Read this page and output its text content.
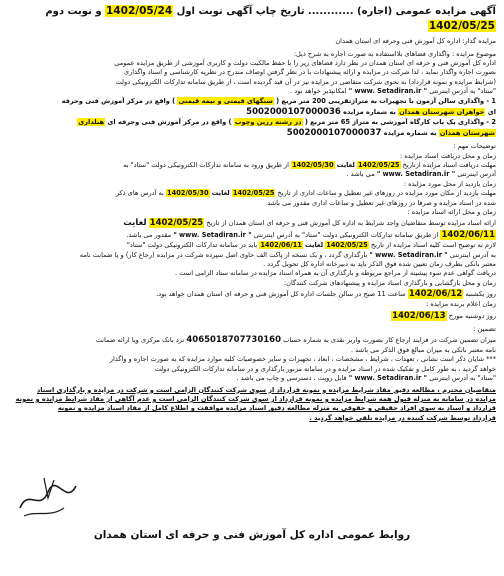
آگهی مزایده عمومی (اجاره) ............ تاریخ چاپ آگهی نوبت اول 1402/05/24 و نوبت دوم 1402/05/25

مزایده گذار: اداره کل آموزش فنی وحرفه ای استان همدان

موضوع مزایده : واگذاری فضاهای بلااستفاده به صورت اجاره به شرح ذیل:

اداره کل آموزش فنی و حرفه ای استان همدان در نظر دارد فضاهای زیر را با حفظ مالکیت دولت و کاربری آموزشی از طریق مزایده عمومی

بصورت اجاره واگذار نماید ، لذا شرکت در مزایده و ارائه پیشنهادات با در نظر گرفتن اوصاف مندرج در نظریه کارشناسی و اسناد واگذاری

(شرایط مزایده و نمونه قرارداد) به نحوی شرکت متقاضی در مزایده نیز در آن قید گردیده است ، از طریق سامانه تدارکات الکترونیکی دولت

"ستاد" به آدرس اینترنتی " www. Setadiran.ir " امکانپذیر خواهد بود .

1 - واگذاری سالن آزمون با تجهیزات به متراژتقریبی 200 متر مربع ( سنگهای قیمتی و نیمه قیمتی ) واقع در مرکز آموزش فنی وحرفه

ای خواهران شهرستان همدان به شماره مزایده 5002000107000036

2 - واگذاری یک باب کارگاه آموزشی به متراژ 65 متر مربع ( در رشته رزین وچوب ) واقع در مرکز آموزش فنی وحرفه ای هنلداری

شهرستان همدان به شماره مزایده 5002000107000037

توضیحات مهم :

زمان و محل دریافت اسناد مزایده :

مهلت دریافت اسناد مزایده ازتاریخ 1402/05/25 لغایت 1402/05/30 از طریق ورود به سامانه تدارکات الکترونیکی دولت "ستاد" به

آدرس اینترنتی " www. Setadiran.ir " می باشد .

زمان بازدید از محل مورد مزایده :

مهلت بازدید از مکان مورد مزایده در روزهای غیر تعطیل و ساعات اداری از تاریخ 1402/05/25 لغایت 1402/05/30 به آدرس های ذکر

شده در اسناد مزایده و صرفا در روزهای غیر تعطیل و ساعات اداری مقدور می باشد

زمان و محل ارائه اسناد مزایده :

ارائه اسناد مزایده توسط متقاضیان واجد شرایط به اداره کل آموزش فنی و حرفه ای استان همدان از تاریخ 1402/05/25 لغایت

1402/06/11 از طریق سامانه تدارکات الکترونیکی دولت "ستاد" به آدرس اینترنتی " www. Setadiran.ir " مقدور می باشد.

لازم به توضیح است کلیه اسناد مزایده از تاریخ 1402/05/25 لغایت 1402/06/11 باید در سامانه تدارکات الکترونیکی دولت "ستاد"

به آدرس اینترنتی " www. Setadiran.ir " بارگذاری گردد ، و یک نسخه از پاکت الف حاوی اصل سپرده شرکت در مزایده (رجاع کار) و یا ضمانت نامه

معتبر بانکی بطرف زمان تعیین شده فوق الذکر باید به دبیرخانه اداره کل تحویل گردد .

دریافت گواهی عدم سوء پیشینه از مراجع مربوطه و بارگذاری آن به همراه اسناد مزایده در سامانه ستاد الزامی است .

زمان و محل بازگشایی و بارگذاری اسناد مزایده و پیشنهادهای شرکت کنندگان:

روز یکشنبه 1402/06/12 ساعت 11 صبح در سالن جلسات اداره کل آموزش فنی و حرفه ای استان همدان خواهد بود.

زمان اعلام برنده مزایده :

روز دوشنبه مورخ 1402/06/13

تضمین :

میزان تضمین شرکت در فرایند ارجاع کار بصورت واریز نقدی به شماره حساب 4065018707730160 نزد بانک مرکزی ویا ارائه ضمانت

نامه معتبر بانکی به میزان مبالغ فوق الذکر می باشد .

*** شایان ذکر است نشانی ، تعهدات ، شرایط ، مشخصات ، ابعاد ، تجهیزات و سایر خصوصیات کلیه موارد مزایده که به صورت اجاره و واگذار

خواهد گردید ، به طور کامل و تفکیک شده در اسناد مزایده و در سامانه مزبور بارگذاری و در سامانه تدارکات الکترونیکی دولت

"ستاد" به آدرس اینترنتی " www. Setadiran.ir " قابل رویت ، دسترسی و چاپ می باشد .

متقاضیان محترم ، مطالعه دقیق مفاد شرایط مزایده و نمونه قرارداد از سوی شرکت کنندگان الزامی است و شرکت در مزایده و بارگذاری اسناد

مزایده در سامانه به منزله قبول همه شرایط مزایده و نمونه قرارداد از سوی شرکت کنندگان الزامی است و عدم آگاهی از مفاد شرایط مزایده و نمونه

قرارداد و اسناد به سوی افراد حقیقی و حقوقی به منزله مطالعه دقیق اسناد مزایده موافقت و اطلاع کامل از مفاد اسناد مزایده و نمونه

قرارداد توسط شرکت کننده در مزایده تلقی خواهد گردید .

روابط عمومی اداره کل آموزش فنی و حرفه ای استان همدان
